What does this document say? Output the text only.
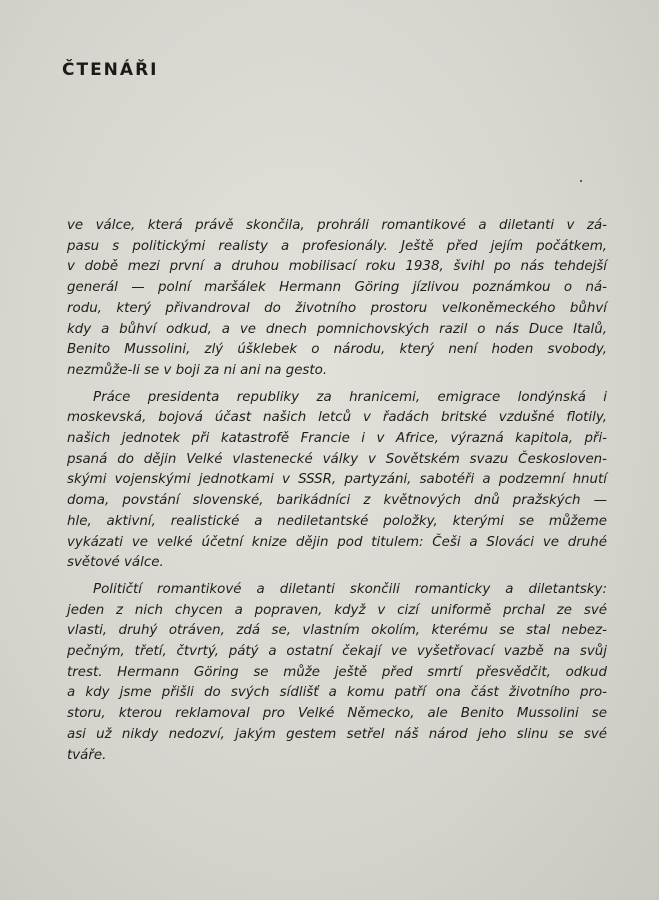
ČTENÁŘI
ve válce, která právě skončila, prohráli romantikové a diletanti v zá-
pasu s politickými realisty a profesionály. Ještě před jejím počátkem,
v době mezi první a druhou mobilisací roku 1938, švihl po nás tehdejší
generál — polní maršálek Hermann Göring jízlivou poznámkou o ná-
rodu, který přivandroval do životního prostoru velkoněmeckého bůhví
kdy a bůhví odkud, a ve dnech pomnichovských razil o nás Duce Italů,
Benito Mussolini, zlý úšklebek o národu, který není hoden svobody,
nezmůže-li se v boji za ni ani na gesto.
Práce presidenta republiky za hranicemi, emigrace londýnská i
moskevská, bojová účast našich letců v řadách britské vzdušné flotily,
našich jednotek při katastrofě Francie i v Africe, výrazná kapitola, při-
psaná do dějin Velké vlastenecké války v Sovětském svazu Českosloven-
skými vojenskými jednotkami v SSSR, partyzáni, sabotéři a podzemní hnutí
doma, povstání slovenské, barikádníci z květnových dnů pražských —
hle, aktivní, realistické a nediletantské položky, kterými se můžeme
vykázati ve velké účetní knize dějin pod titulem: Češi a Slováci ve druhé
světové válce.
Političtí romantikové a diletanti skončili romanticky a diletantsky:
jeden z nich chycen a popraven, když v cizí uniformě prchal ze své
vlasti, druhý otráven, zdá se, vlastním okolím, kterému se stal nebez-
pečným, třetí, čtvrtý, pátý a ostatní čekají ve vyšetřovací vazbě na svůj
trest. Hermann Göring se může ještě před smrtí přesvědčit, odkud
a kdy jsme přišli do svých sídlišť a komu patří ona část životního pro-
storu, kterou reklamoval pro Velké Německo, ale Benito Mussolini se
asi už nikdy nedozví, jakým gestem setřel náš národ jeho slinu se své
tváře.
